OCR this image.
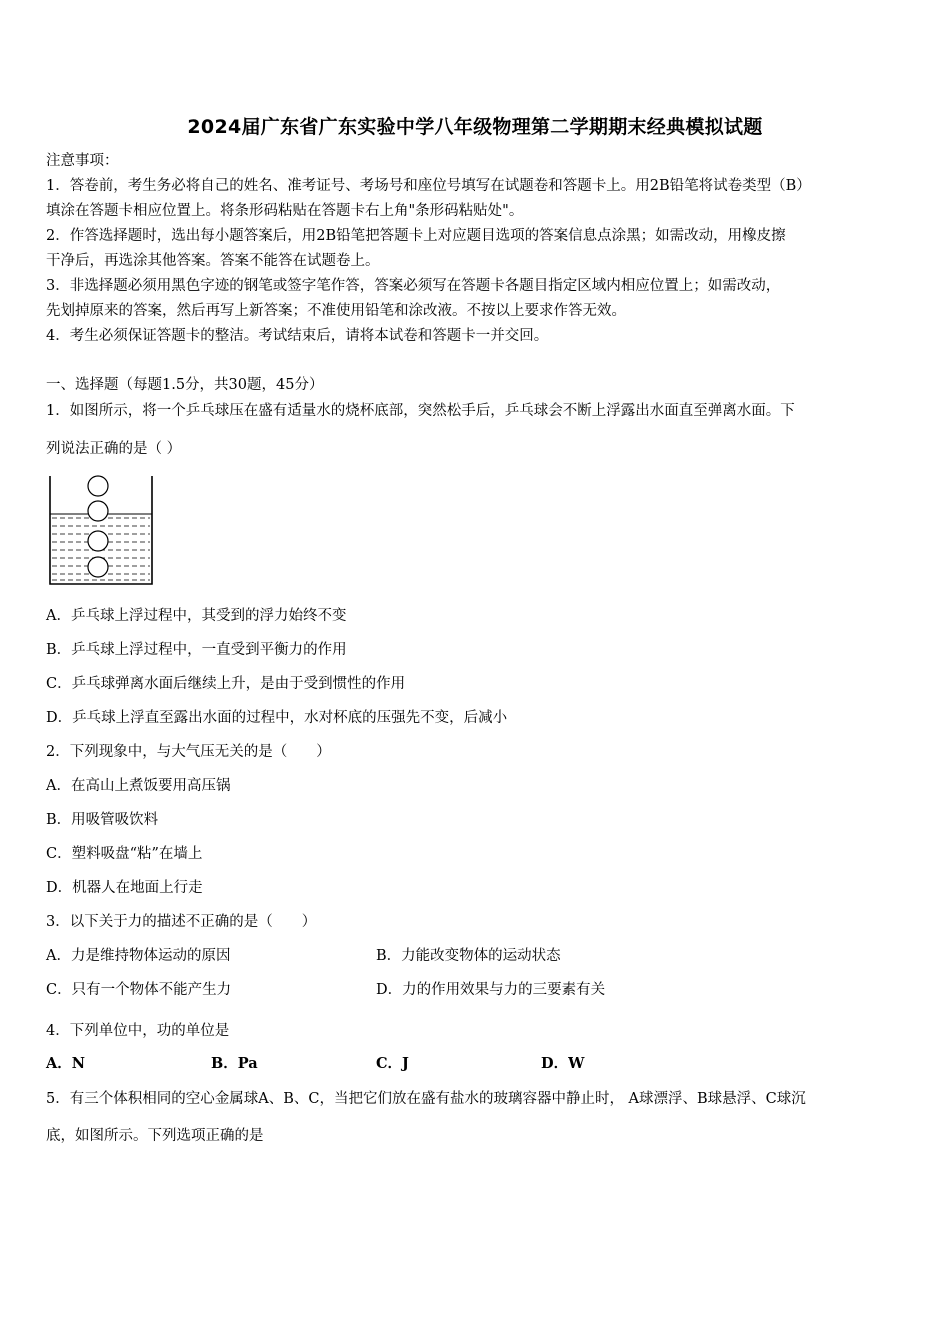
2024届广东省广东实验中学八年级物理第二学期期末经典模拟试题
注意事项：
1．答卷前，考生务必将自己的姓名、准考证号、考场号和座位号填写在试题卷和答题卡上。用2B铅笔将试卷类型（B）
填涂在答题卡相应位置上。将条形码粘贴在答题卡右上角"条形码粘贴处"。
2．作答选择题时，选出每小题答案后，用2B铅笔把答题卡上对应题目选项的答案信息点涂黑；如需改动，用橡皮擦
干净后，再选涂其他答案。答案不能答在试题卷上。
3．非选择题必须用黑色字迹的钢笔或签字笔作答，答案必须写在答题卡各题目指定区域内相应位置上；如需改动，
先划掉原来的答案，然后再写上新答案；不准使用铅笔和涂改液。不按以上要求作答无效。
4．考生必须保证答题卡的整洁。考试结束后，请将本试卷和答题卡一并交回。
一、选择题（每题1.5分，共30题，45分）
1．如图所示，将一个乒乓球压在盛有适量水的烧杯底部，突然松手后，乒乓球会不断上浮露出水面直至弹离水面。下
列说法正确的是（ ）
A．乒乓球上浮过程中，其受到的浮力始终不变
B．乒乓球上浮过程中，一直受到平衡力的作用
C．乒乓球弹离水面后继续上升，是由于受到惯性的作用
D．乒乓球上浮直至露出水面的过程中，水对杯底的压强先不变，后减小
2．下列现象中，与大气压无关的是（　　）
A．在高山上煮饭要用高压锅
B．用吸管吸饮料
C．塑料吸盘“粘”在墙上
D．机器人在地面上行走
3．以下关于力的描述不正确的是（　　）
A．力是维持物体运动的原因	B．力能改变物体的运动状态
C．只有一个物体不能产生力	D．力的作用效果与力的三要素有关
4．下列单位中，功的单位是
A．N	B．Pa	C．J	D．W
5．有三个体积相同的空心金属球A、B、C，当把它们放在盛有盐水的玻璃容器中静止时， A球漂浮、B球悬浮、C球沉
底，如图所示。下列选项正确的是
